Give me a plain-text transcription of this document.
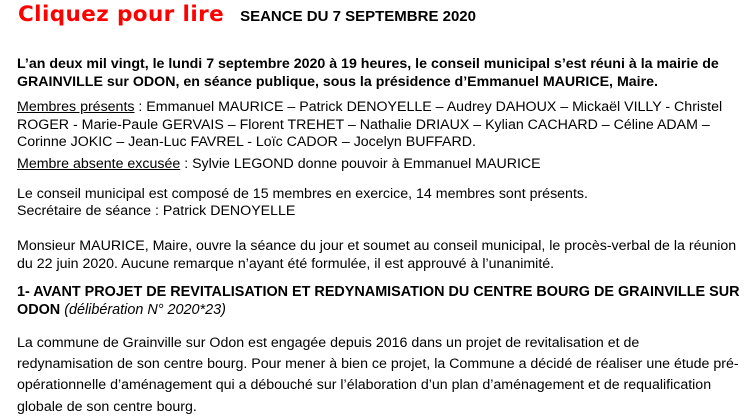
Cliquez pour lire SEANCE DU 7 SEPTEMBRE 2020

L’an deux mil vingt, le lundi 7 septembre 2020 à 19 heures, le conseil municipal s’est réuni à la mairie de GRAINVILLE sur ODON, en séance publique, sous la présidence d’Emmanuel MAURICE, Maire.

Membres présents : Emmanuel MAURICE – Patrick DENOYELLE – Audrey DAHOUX – Mickaël VILLY - Christel ROGER - Marie-Paule GERVAIS – Florent TREHET – Nathalie DRIAUX – Kylian CACHARD – Céline ADAM – Corinne JOKIC – Jean-Luc FAVREL - Loïc CADOR – Jocelyn BUFFARD.

Membre absente excusée : Sylvie LEGOND donne pouvoir à Emmanuel MAURICE

Le conseil municipal est composé de 15 membres en exercice, 14 membres sont présents.

Secrétaire de séance : Patrick DENOYELLE

Monsieur MAURICE, Maire, ouvre la séance du jour et soumet au conseil municipal, le procès-verbal de la réunion du 22 juin 2020. Aucune remarque n’ayant été formulée, il est approuvé à l’unanimité.

1- AVANT PROJET DE REVITALISATION ET REDYNAMISATION DU CENTRE BOURG DE GRAINVILLE SUR ODON (délibération N° 2020*23)

La commune de Grainville sur Odon est engagée depuis 2016 dans un projet de revitalisation et de redynamisation de son centre bourg. Pour mener à bien ce projet, la Commune a décidé de réaliser une étude pré-opérationnelle d’aménagement qui a débouché sur l’élaboration d’un plan d’aménagement et de requalification globale de son centre bourg.
